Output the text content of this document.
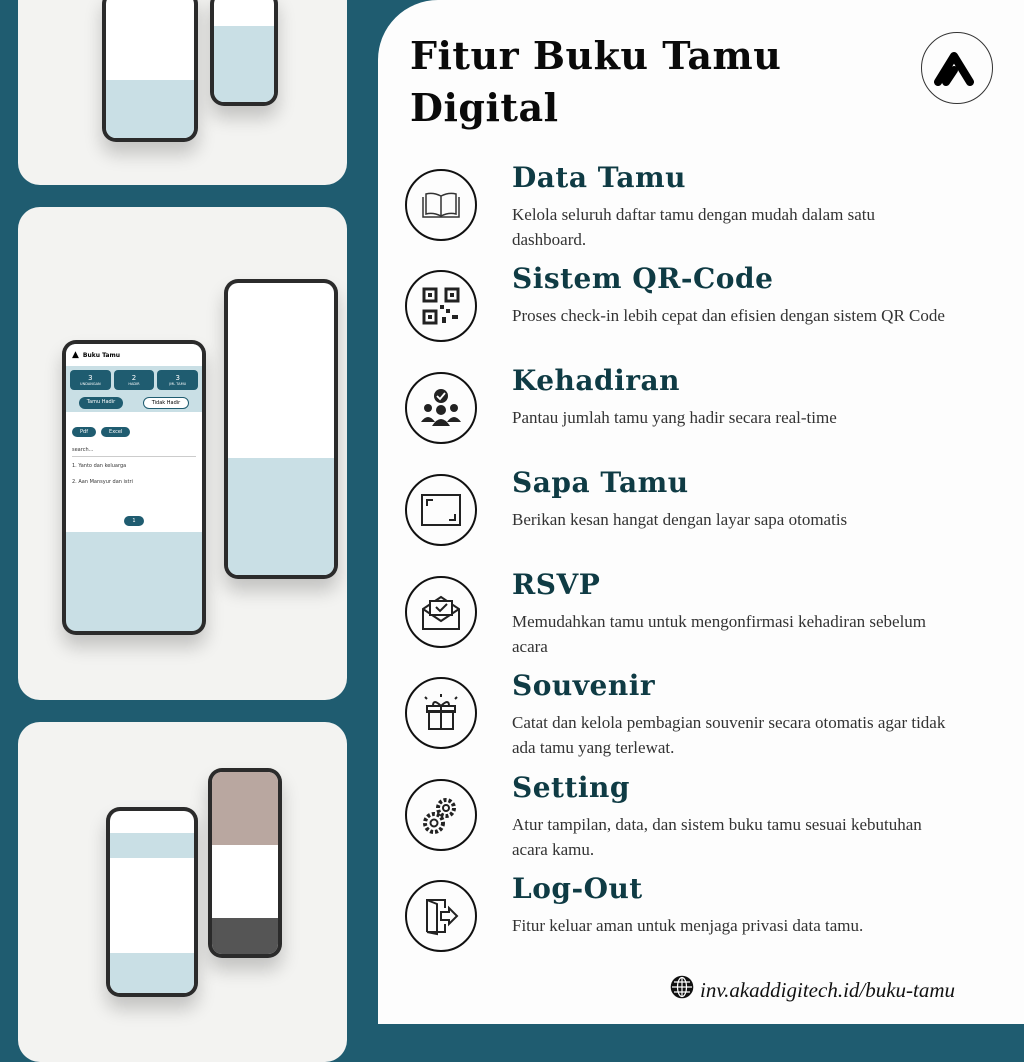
▲ Buku Tamu
3
UNDANGAN
2
HADIR
3
JML TAMU
Tamu Hadir	Tidak Hadir
Pdf	Excel
search...
1. Yanto dan keluarga
2. Aan Mansyur dan istri
1
Fitur Buku Tamu
Digital
Data Tamu
Kelola seluruh daftar tamu dengan mudah dalam satu dashboard.
Sistem QR-Code
Proses check-in lebih cepat dan efisien dengan sistem QR Code
Kehadiran
Pantau jumlah tamu yang hadir secara real-time
Sapa Tamu
Berikan kesan hangat dengan layar sapa otomatis
RSVP
Memudahkan tamu untuk mengonfirmasi kehadiran sebelum acara
Souvenir
Catat dan kelola pembagian souvenir secara otomatis agar tidak ada tamu yang terlewat.
Setting
Atur tampilan, data, dan sistem buku tamu sesuai kebutuhan acara kamu.
Log-Out
Fitur keluar aman untuk menjaga privasi data tamu.
inv.akaddigitech.id/buku-tamu
